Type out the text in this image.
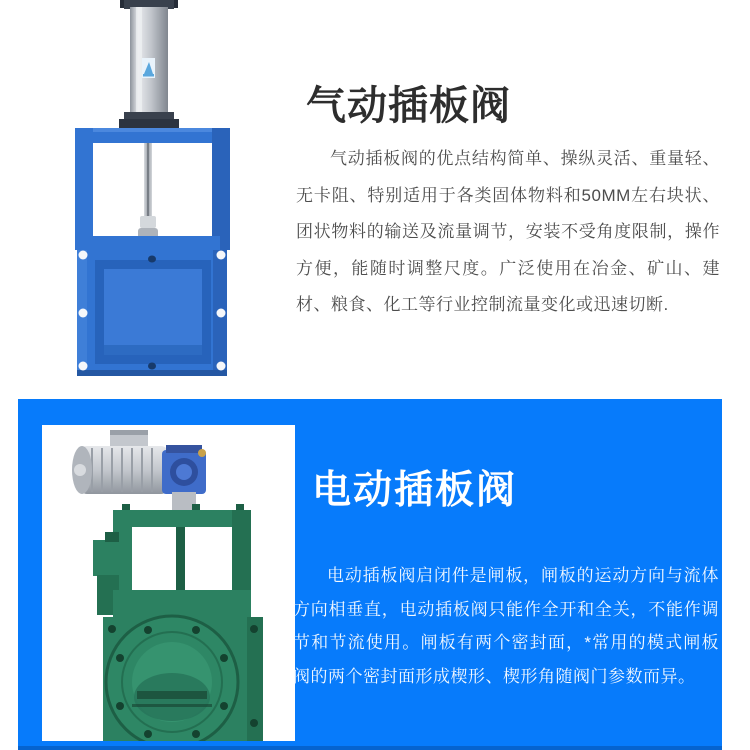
气动插板阀
气动插板阀的优点结构简单、操纵灵活、重量轻、无卡阻、特别适用于各类固体物料和50MM左右块状、团状物料的输送及流量调节，安装不受角度限制，操作方便，能随时调整尺度。广泛使用在冶金、矿山、建材、粮食、化工等行业控制流量变化或迅速切断.
电动插板阀
电动插板阀启闭件是闸板，闸板的运动方向与流体方向相垂直，电动插板阀只能作全开和全关，不能作调节和节流使用。闸板有两个密封面，*常用的模式闸板阀的两个密封面形成楔形、楔形角随阀门参数而异。
